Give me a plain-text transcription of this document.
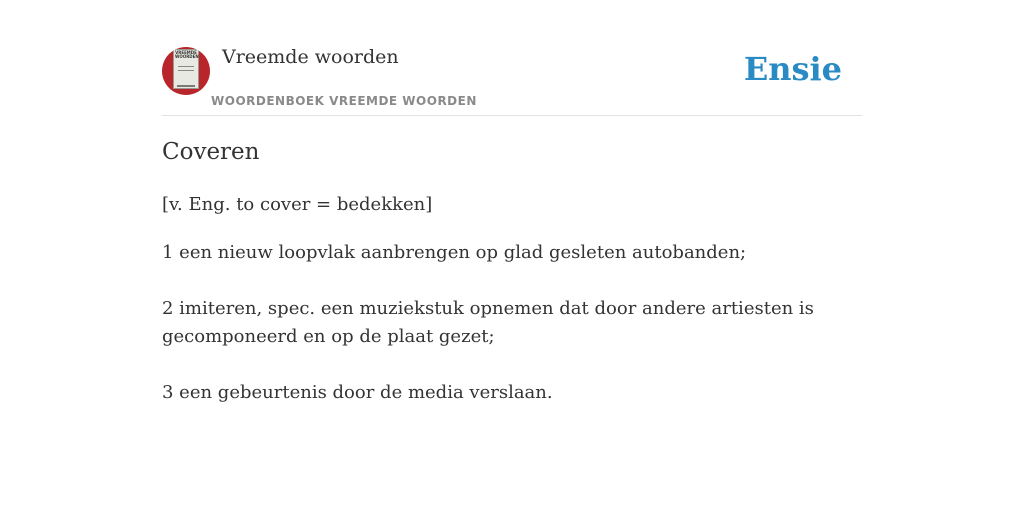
VREEMDE WOORDEN Vreemde woorden
WOORDENBOEK VREEMDE WOORDEN
Ensie
Coveren
[v. Eng. to cover = bedekken]
1 een nieuw loopvlak aanbrengen op glad gesleten autobanden;
2 imiteren, spec. een muziekstuk opnemen dat door andere artiesten is gecomponeerd en op de plaat gezet;
3 een gebeurtenis door de media verslaan.
